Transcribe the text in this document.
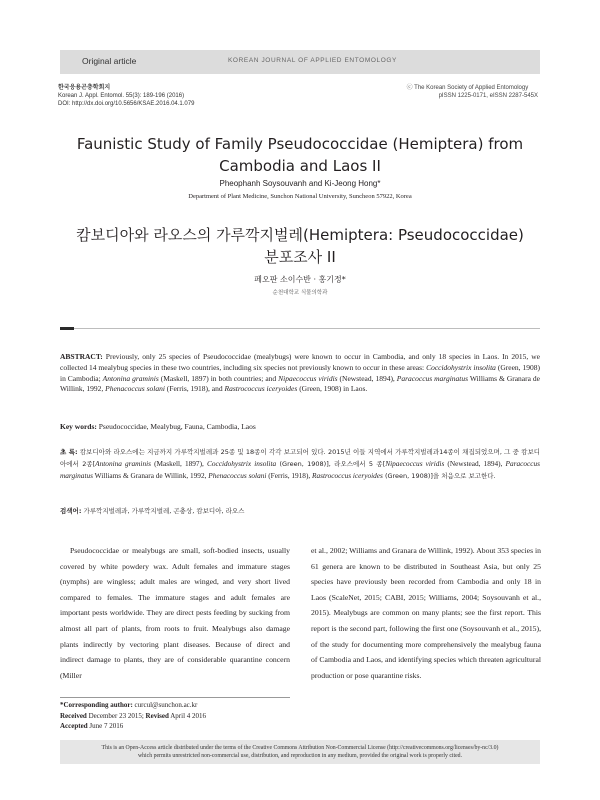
Original article	KOREAN JOURNAL OF APPLIED ENTOMOLOGY
한국응용곤충학회지
Korean J. Appl. Entomol. 55(3): 189-196 (2016)
DOI: http://dx.doi.org/10.5656/KSAE.2016.04.1.079
ⓒ The Korean Society of Applied Entomology
pISSN 1225-0171, eISSN 2287-545X
Faunistic Study of Family Pseudococcidae (Hemiptera) from
Cambodia and Laos II
Pheophanh Soysouvanh and Ki-Jeong Hong*
Department of Plant Medicine, Sunchon National University, Suncheon 57922, Korea
캄보디아와 라오스의 가루깍지벌레(Hemiptera: Pseudococcidae)
분포조사 II
페오판 소이수반 · 홍기정*
순천대학교 식물의학과
ABSTRACT: Previously, only 25 species of Pseudococcidae (mealybugs) were known to occur in Cambodia, and only 18 species in Laos. In 2015, we collected 14 mealybug species in these two countries, including six species not previously known to occur in these areas: Coccidohystrix insolita (Green, 1908) in Cambodia; Antonina graminis (Maskell, 1897) in both countries; and Nipaecoccus viridis (Newstead, 1894), Paracoccus marginatus Williams & Granara de Willink, 1992, Phenacoccus solani (Ferris, 1918), and Rastrococcus iceryoides (Green, 1908) in Laos.
Key words: Pseudococcidae, Mealybug, Fauna, Cambodia, Laos
초 록: 캄보디아와 라오스에는 지금까지 가루깍지벌레과 25종 및 18종이 각각 보고되어 있다. 2015년 이들 지역에서 가루깍지벌레과14종이 채집되었으며, 그 중 캄보디아에서 2종[Antonina graminis (Maskell, 1897), Coccidohystrix insolita (Green, 1908)], 라오스에서 5 종[Nipaecoccus viridis (Newstead, 1894), Paracoccus marginatus Williams & Granara de Willink, 1992, Phenacoccus solani (Ferris, 1918), Rastrococcus iceryoides (Green, 1908)]을 처음으로 보고한다.
검색어: 가루깍지벌레과, 가루깍지벌레, 곤충상, 캄보디아, 라오스
Pseudococcidae or mealybugs are small, soft-bodied insects, usually covered by white powdery wax. Adult females and immature stages (nymphs) are wingless; adult males are winged, and very short lived compared to females. The immature stages and adult females are important pests worldwide. They are direct pests feeding by sucking from almost all part of plants, from roots to fruit. Mealybugs also damage plants indirectly by vectoring plant diseases. Because of direct and indirect damage to plants, they are of considerable quarantine concern (Miller
et al., 2002; Williams and Granara de Willink, 1992). About 353 species in 61 genera are known to be distributed in Southeast Asia, but only 25 species have previously been recorded from Cambodia and only 18 in Laos (ScaleNet, 2015; CABI, 2015; Williams, 2004; Soysouvanh et al., 2015). Mealybugs are common on many plants; see the first report. This report is the second part, following the first one (Soysouvanh et al., 2015), of the study for documenting more comprehensively the mealybug fauna of Cambodia and Laos, and identifying species which threaten agricultural production or pose quarantine risks.
*Corresponding author: curcul@sunchon.ac.kr
Received December 23 2015; Revised April 4 2016
Accepted June 7 2016
This is an Open-Access article distributed under the terms of the Creative Commons Attribution Non-Commercial License (http://creativecommons.org/licenses/by-nc/3.0)
which permits unrestricted non-commercial use, distribution, and reproduction in any medium, provided the original work is properly cited.
